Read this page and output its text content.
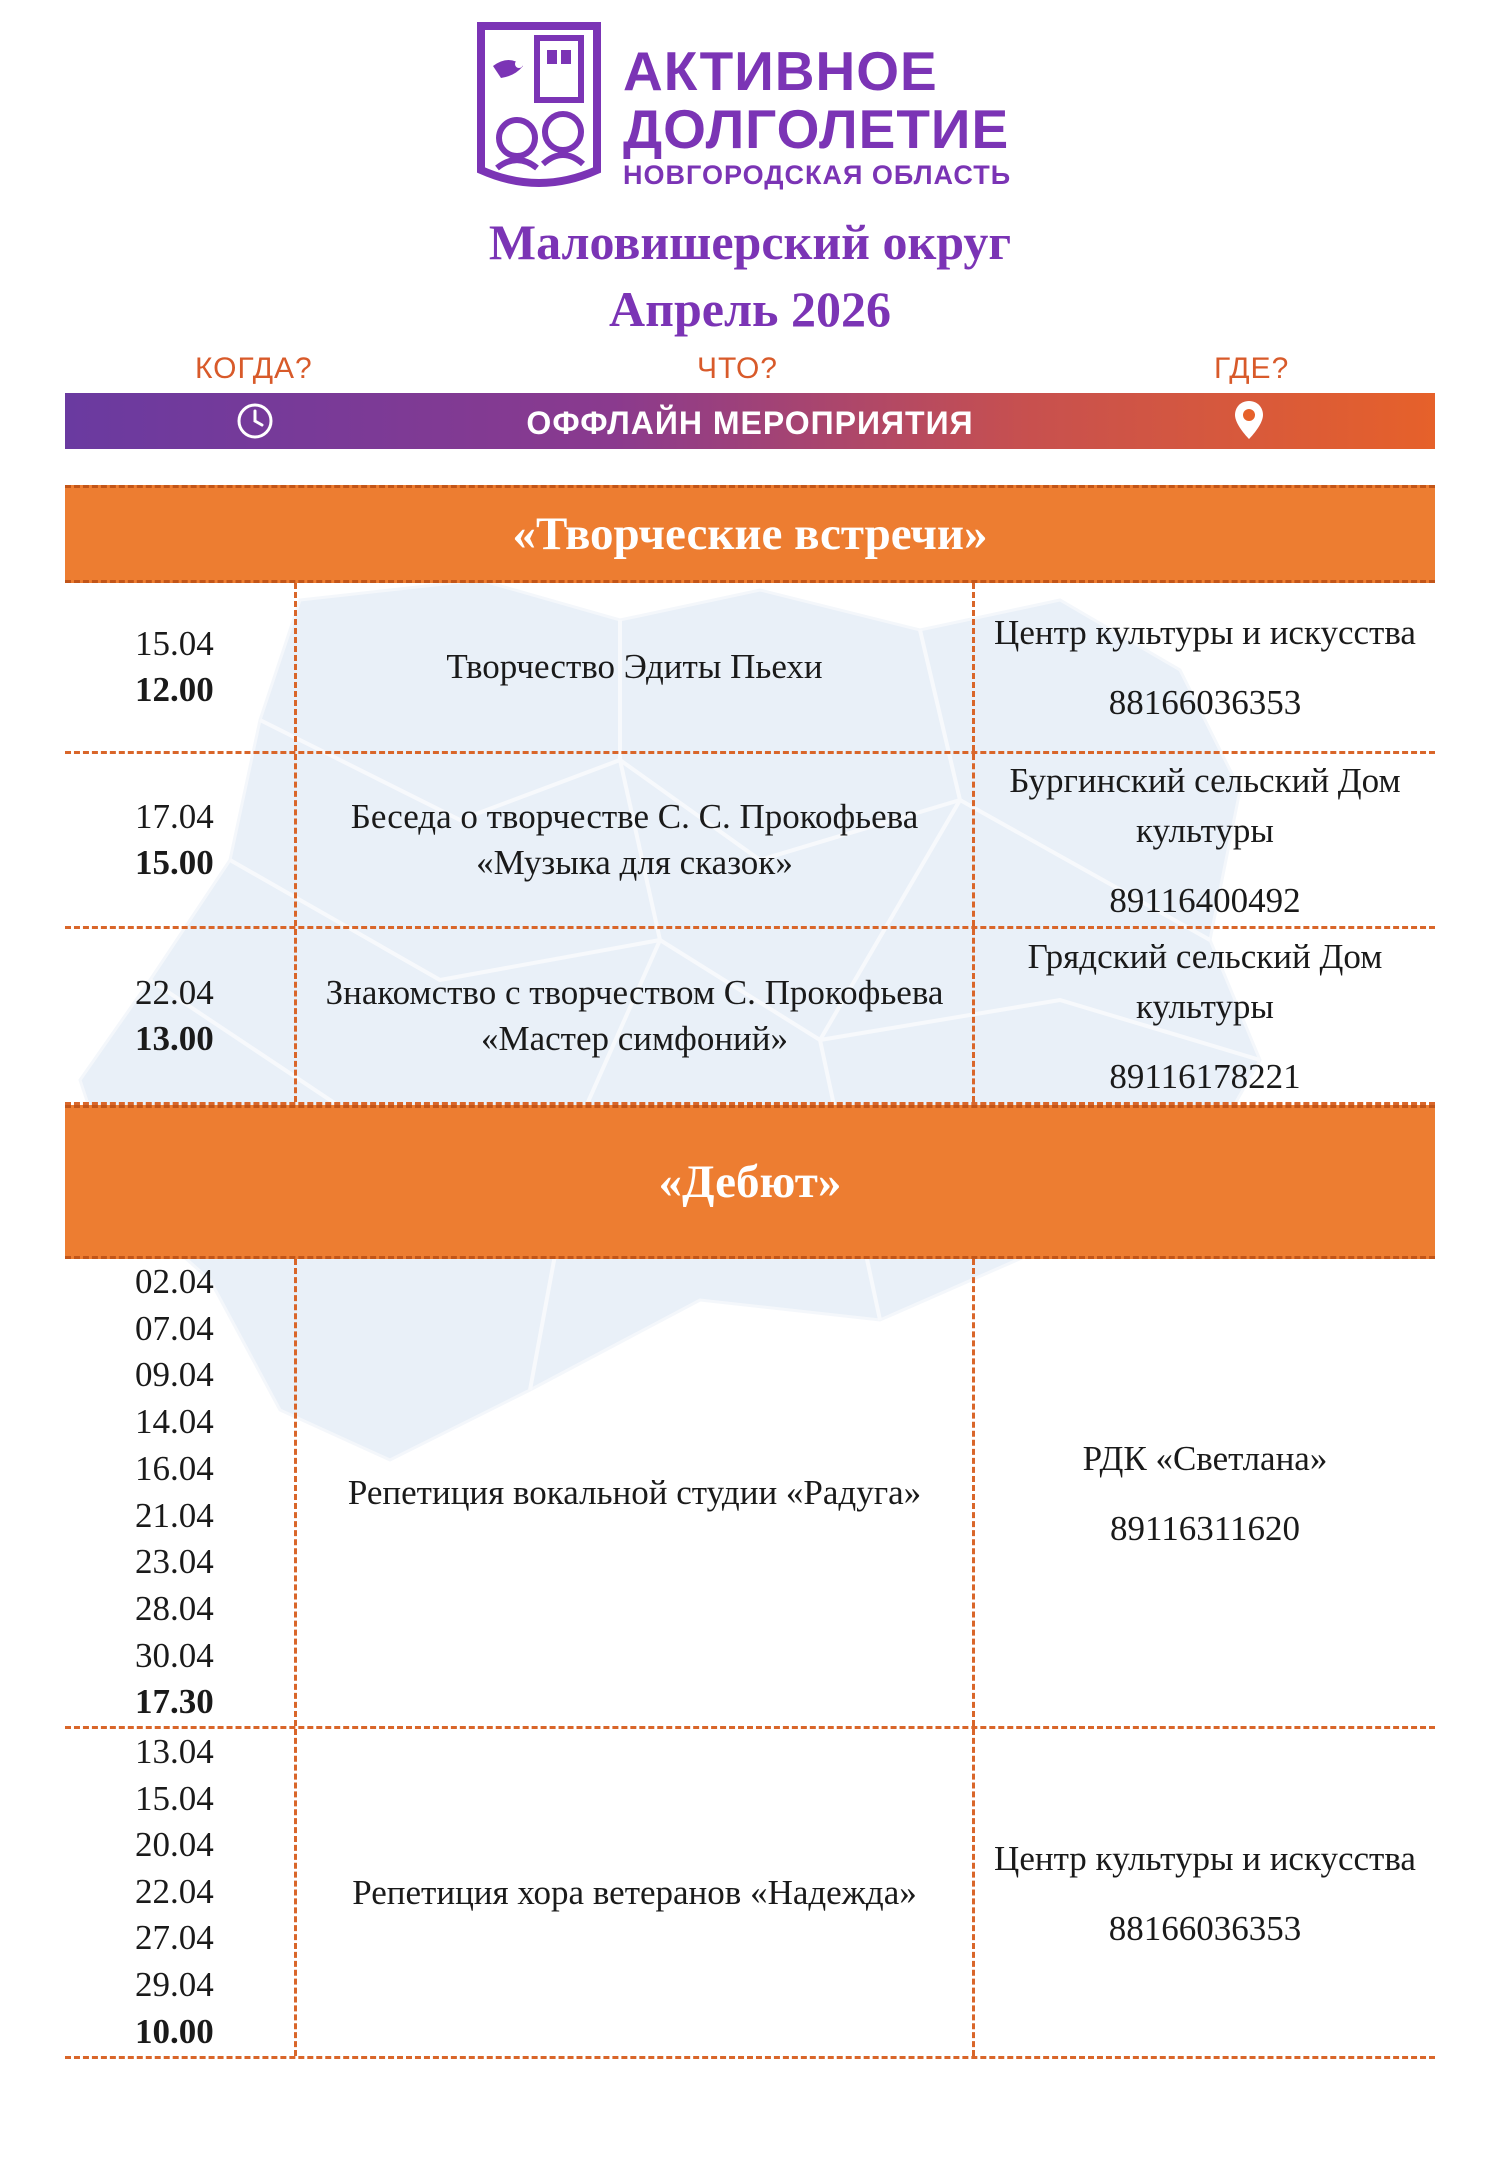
АКТИВНОЕ
ДОЛГОЛЕТИЕ
НОВГОРОДСКАЯ ОБЛАСТЬ
Маловишерский округ
Апрель 2026
КОГДА?	ЧТО?	ГДЕ?
ОФФЛАЙН МЕРОПРИЯТИЯ
«Творческие встречи»
15.04
12.00
Творчество Эдиты Пьехи
Центр культуры и искусства
88166036353
17.04
15.00
Беседа о творчестве С. С. Прокофьева «Музыка для сказок»
Бургинский сельский Дом культуры
89116400492
22.04
13.00
Знакомство с творчеством С. Прокофьева «Мастер симфоний»
Грядский сельский Дом культуры
89116178221
«Дебют»
02.04
07.04
09.04
14.04
16.04
21.04
23.04
28.04
30.04
17.30
Репетиция вокальной студии «Радуга»
РДК «Светлана»
89116311620
13.04
15.04
20.04
22.04
27.04
29.04
10.00
Репетиция хора ветеранов «Надежда»
Центр культуры и искусства
88166036353
